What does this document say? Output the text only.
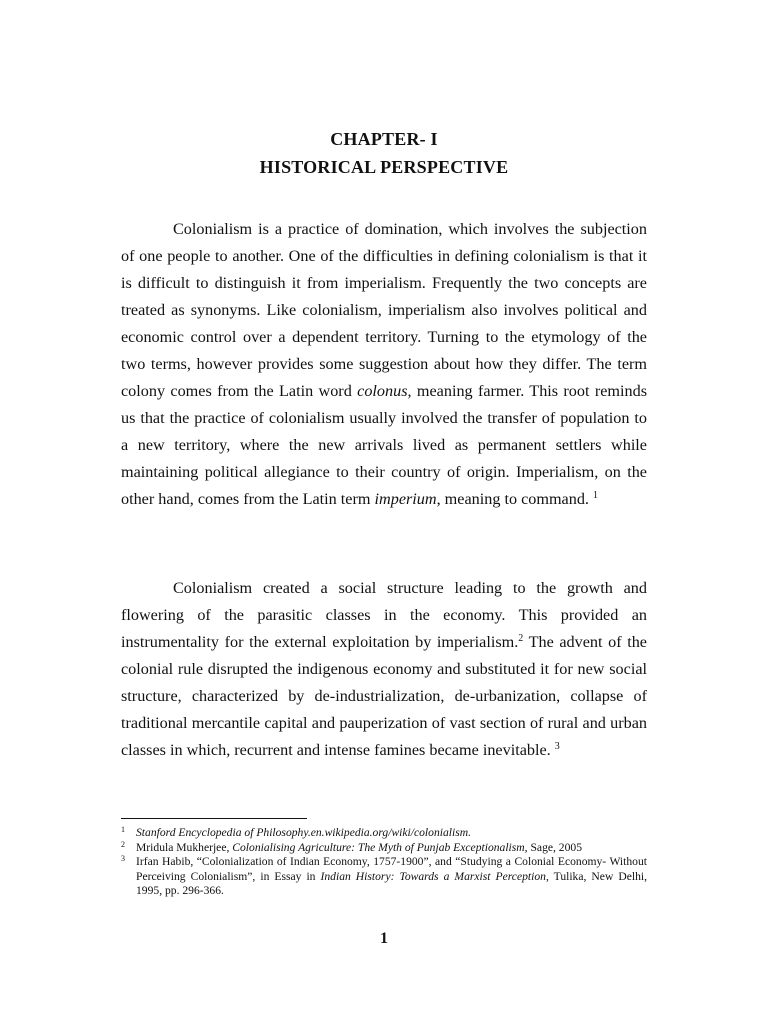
CHAPTER- I
HISTORICAL PERSPECTIVE

Colonialism is a practice of domination, which involves the subjection of one people to another. One of the difficulties in defining colonialism is that it is difficult to distinguish it from imperialism. Frequently the two concepts are treated as synonyms. Like colonialism, imperialism also involves political and economic control over a dependent territory. Turning to the etymology of the two terms, however provides some suggestion about how they differ. The term colony comes from the Latin word colonus, meaning farmer. This root reminds us that the practice of colonialism usually involved the transfer of population to a new territory, where the new arrivals lived as permanent settlers while maintaining political allegiance to their country of origin. Imperialism, on the other hand, comes from the Latin term imperium, meaning to command. $^1$

Colonialism created a social structure leading to the growth and flowering of the parasitic classes in the economy. This provided an instrumentality for the external exploitation by imperialism.$^2$ The advent of the colonial rule disrupted the indigenous economy and substituted it for new social structure, characterized by de-industrialization, de-urbanization, collapse of traditional mercantile capital and pauperization of vast section of rural and urban classes in which, recurrent and intense famines became inevitable. $^3$

1 Stanford Encyclopedia of Philosophy.en.wikipedia.org/wiki/colonialism.
2 Mridula Mukherjee, Colonialising Agriculture: The Myth of Punjab Exceptionalism, Sage, 2005
3 Irfan Habib, “Colonialization of Indian Economy, 1757-1900”, and “Studying a Colonial Economy- Without Perceiving Colonialism”, in Essay in Indian History: Towards a Marxist Perception, Tulika, New Delhi, 1995, pp. 296-366.
1
